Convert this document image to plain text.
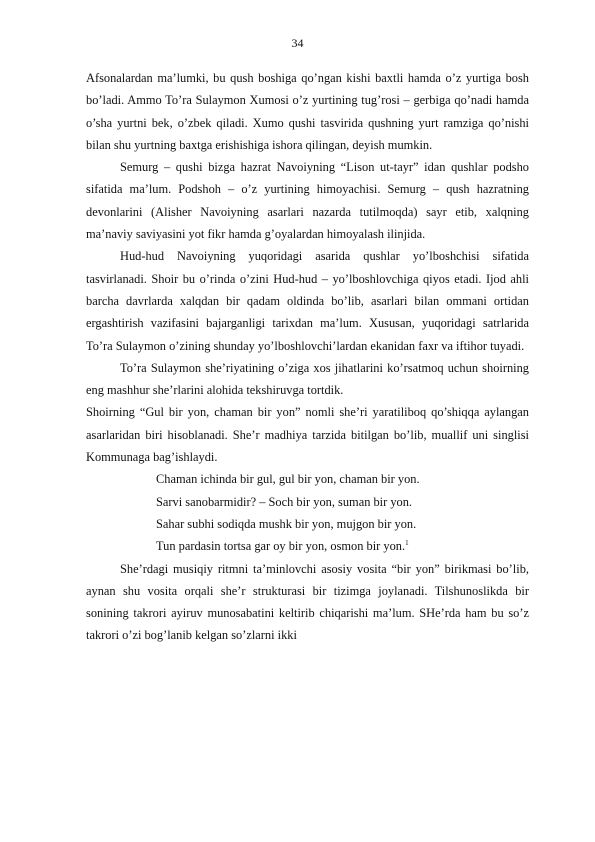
34

Afsonalardan ma’lumki, bu qush boshiga qo’ngan kishi baxtli hamda o’z yurtiga bosh bo’ladi. Ammo To’ra Sulaymon Xumosi o’z yurtining tug’rosi – gerbiga qo’nadi hamda o’sha yurtni bek, o’zbek qiladi. Xumo qushi tasvirida qushning yurt ramziga qo’nishi bilan shu yurtning baxtga erishishiga ishora qilingan, deyish mumkin.

Semurg – qushi bizga hazrat Navoiyning “Lison ut-tayr” idan qushlar podsho sifatida ma’lum. Podshoh – o’z yurtining himoyachisi. Semurg – qush hazratning devonlarini (Alisher Navoiyning asarlari nazarda tutilmoqda) sayr etib, xalqning ma’naviy saviyasini yot fikr hamda g’oyalardan himoyalash ilinjida.

Hud-hud Navoiyning yuqoridagi asarida qushlar yo’lboshchisi sifatida tasvirlanadi. Shoir bu o’rinda o’zini Hud-hud – yo’lboshlovchiga qiyos etadi. Ijod ahli barcha davrlarda xalqdan bir qadam oldinda bo’lib, asarlari bilan ommani ortidan ergashtirish vazifasini bajarganligi tarixdan ma’lum. Xususan, yuqoridagi satrlarida To’ra Sulaymon o’zining shunday yo’lboshlovchi’lardan ekanidan faxr va iftihor tuyadi.

To’ra Sulaymon she’riyatining o’ziga xos jihatlarini ko’rsatmoq uchun shoirning eng mashhur she’rlarini alohida tekshiruvga tortdik.

Shoirning “Gul bir yon, chaman bir yon” nomli she’ri yaratiliboq qo’shiqqa aylangan asarlaridan biri hisoblanadi. She’r madhiya tarzida bitilgan bo’lib, muallif uni singlisi Kommunaga bag’ishlaydi.

Chaman ichinda bir gul, gul bir yon, chaman bir yon.
Sarvi sanobarmidir? – Soch bir yon, suman bir yon.
Sahar subhi sodiqda mushk bir yon, mujgon bir yon.
Tun pardasin tortsa gar oy bir yon, osmon bir yon.$^1$

She’rdagi musiqiy ritmni ta’minlovchi asosiy vosita “bir yon” birikmasi bo’lib, aynan shu vosita orqali she’r strukturasi bir tizimga joylanadi. Tilshunoslikda bir sonining takrori ayiruv munosabatini keltirib chiqarishi ma’lum. SHe’rda ham bu so’z takrori o’zi bog’lanib kelgan so’zlarni ikki
